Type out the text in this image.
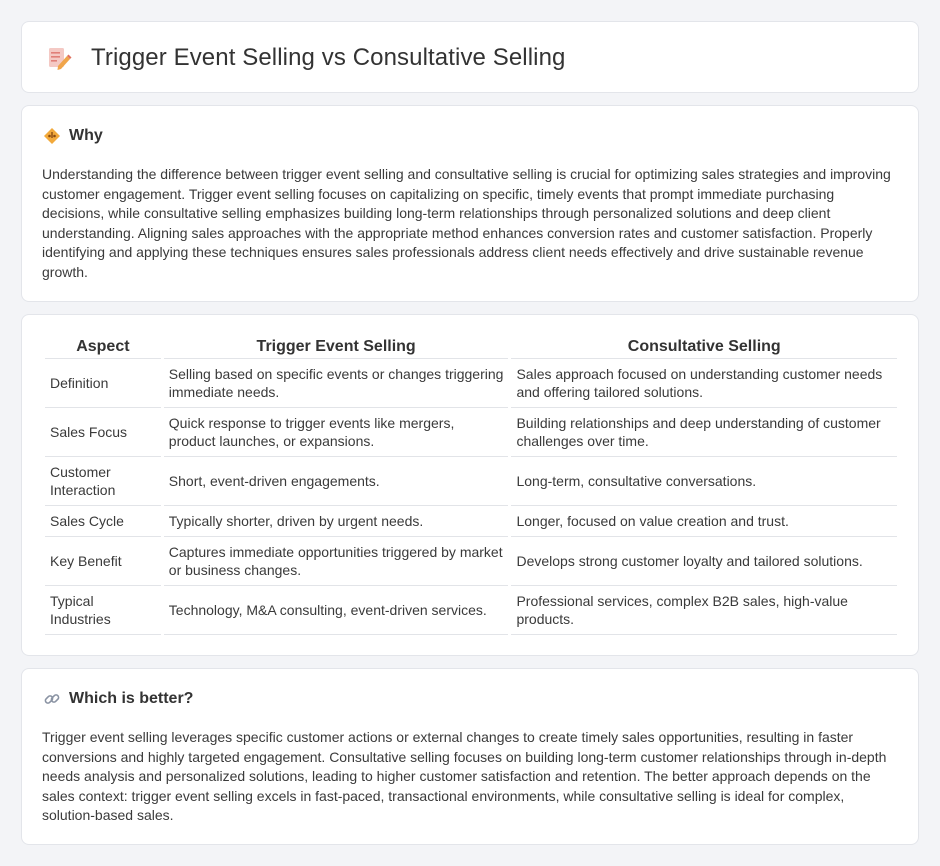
Trigger Event Selling vs Consultative Selling
Why

Understanding the difference between trigger event selling and consultative selling is crucial for optimizing sales strategies and improving customer engagement. Trigger event selling focuses on capitalizing on specific, timely events that prompt immediate purchasing decisions, while consultative selling emphasizes building long-term relationships through personalized solutions and deep client understanding. Aligning sales approaches with the appropriate method enhances conversion rates and customer satisfaction. Properly identifying and applying these techniques ensures sales professionals address client needs effectively and drive sustainable revenue growth.

Aspect	Trigger Event Selling	Consultative Selling
Definition	Selling based on specific events or changes triggering immediate needs.	Sales approach focused on understanding customer needs and offering tailored solutions.
Sales Focus	Quick response to trigger events like mergers, product launches, or expansions.	Building relationships and deep understanding of customer challenges over time.
Customer Interaction	Short, event-driven engagements.	Long-term, consultative conversations.
Sales Cycle	Typically shorter, driven by urgent needs.	Longer, focused on value creation and trust.
Key Benefit	Captures immediate opportunities triggered by market or business changes.	Develops strong customer loyalty and tailored solutions.
Typical Industries	Technology, M&A consulting, event-driven services.	Professional services, complex B2B sales, high-value products.
Which is better?

Trigger event selling leverages specific customer actions or external changes to create timely sales opportunities, resulting in faster conversions and highly targeted engagement. Consultative selling focuses on building long-term customer relationships through in-depth needs analysis and personalized solutions, leading to higher customer satisfaction and retention. The better approach depends on the sales context: trigger event selling excels in fast-paced, transactional environments, while consultative selling is ideal for complex, solution-based sales.
